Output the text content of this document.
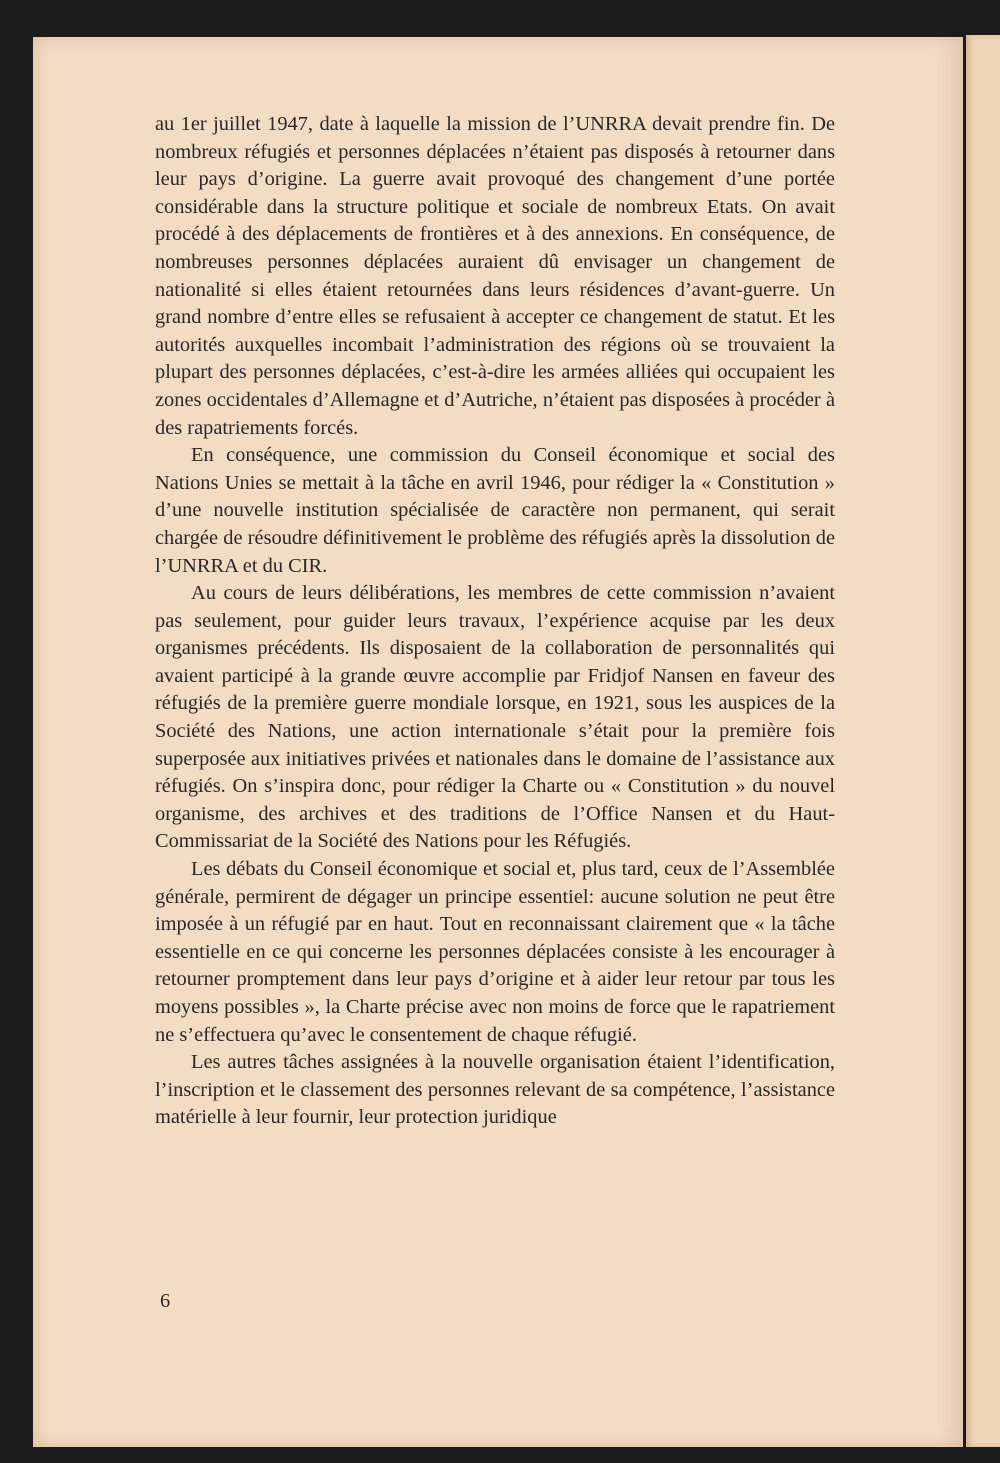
au 1er juillet 1947, date à laquelle la mission de l’UNRRA devait prendre fin. De nombreux réfugiés et personnes déplacées n’étaient pas disposés à retourner dans leur pays d’origine. La guerre avait provoqué des changement d’une portée considérable dans la structure politique et sociale de nombreux Etats. On avait procédé à des déplacements de frontières et à des annexions. En conséquence, de nombreuses personnes déplacées auraient dû envisager un changement de nationalité si elles étaient retournées dans leurs résidences d’avant-guerre. Un grand nombre d’entre elles se refusaient à accepter ce changement de statut. Et les autorités auxquelles incombait l’administration des régions où se trouvaient la plupart des personnes déplacées, c’est-à-dire les armées alliées qui occupaient les zones occidentales d’Allemagne et d’Autriche, n’étaient pas disposées à procéder à des rapatriements forcés.

En conséquence, une commission du Conseil économique et social des Nations Unies se mettait à la tâche en avril 1946, pour rédiger la « Constitution » d’une nouvelle institution spécialisée de caractère non permanent, qui serait chargée de résoudre définitivement le problème des réfugiés après la dissolution de l’UNRRA et du CIR.

Au cours de leurs délibérations, les membres de cette commission n’avaient pas seulement, pour guider leurs travaux, l’expérience acquise par les deux organismes précédents. Ils disposaient de la collaboration de personnalités qui avaient participé à la grande œuvre accomplie par Fridjof Nansen en faveur des réfugiés de la première guerre mondiale lorsque, en 1921, sous les auspices de la Société des Nations, une action internationale s’était pour la première fois superposée aux initiatives privées et nationales dans le domaine de l’assistance aux réfugiés. On s’inspira donc, pour rédiger la Charte ou « Constitution » du nouvel organisme, des archives et des traditions de l’Office Nansen et du Haut-Commissariat de la Société des Nations pour les Réfugiés.

Les débats du Conseil économique et social et, plus tard, ceux de l’Assemblée générale, permirent de dégager un principe essentiel: aucune solution ne peut être imposée à un réfugié par en haut. Tout en reconnaissant clairement que « la tâche essentielle en ce qui concerne les personnes déplacées consiste à les encourager à retourner promptement dans leur pays d’origine et à aider leur retour par tous les moyens possibles », la Charte précise avec non moins de force que le rapatriement ne s’effectuera qu’avec le consentement de chaque réfugié.

Les autres tâches assignées à la nouvelle organisation étaient l’identification, l’inscription et le classement des personnes relevant de sa compétence, l’assistance matérielle à leur fournir, leur protection juridique

6
